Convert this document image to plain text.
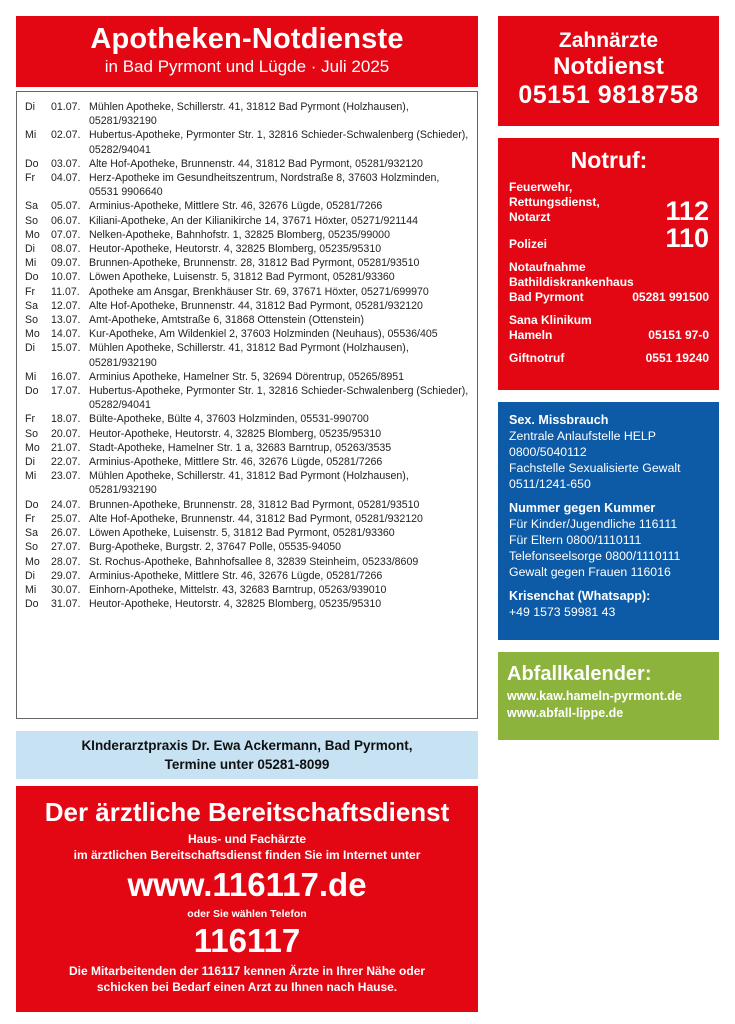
Apotheken-Notdienste
in Bad Pyrmont und Lügde · Juli 2025
Di	01.07. Mühlen Apotheke, Schillerstr. 41, 31812 Bad Pyrmont (Holzhausen), 05281/932190
Mi	02.07. Hubertus-Apotheke, Pyrmonter Str. 1, 32816 Schieder-Schwalenberg (Schieder), 05282/94041
Do	03.07. Alte Hof-Apotheke, Brunnenstr. 44, 31812 Bad Pyrmont, 05281/932120
Fr	04.07. Herz-Apotheke im Gesundheitszentrum, Nordstraße 8, 37603 Holzminden, 05531 9906640
Sa	05.07. Arminius-Apotheke, Mittlere Str. 46, 32676 Lügde, 05281/7266
So	06.07. Kiliani-Apotheke, An der Kilianikirche 14, 37671 Höxter, 05271/921144
Mo	07.07. Nelken-Apotheke, Bahnhofstr. 1, 32825 Blomberg, 05235/99000
Di	08.07. Heutor-Apotheke, Heutorstr. 4, 32825 Blomberg, 05235/95310
Mi	09.07. Brunnen-Apotheke, Brunnenstr. 28, 31812 Bad Pyrmont, 05281/93510
Do	10.07. Löwen Apotheke, Luisenstr. 5, 31812 Bad Pyrmont, 05281/93360
Fr	11.07. Apotheke am Ansgar, Brenkhäuser Str. 69, 37671 Höxter, 05271/699970
Sa	12.07. Alte Hof-Apotheke, Brunnenstr. 44, 31812 Bad Pyrmont, 05281/932120
So	13.07. Amt-Apotheke, Amtstraße 6, 31868 Ottenstein (Ottenstein)
Mo	14.07. Kur-Apotheke, Am Wildenkiel 2, 37603 Holzminden (Neuhaus), 05536/405
Di	15.07. Mühlen Apotheke, Schillerstr. 41, 31812 Bad Pyrmont (Holzhausen), 05281/932190
Mi	16.07. Arminius Apotheke, Hamelner Str. 5, 32694 Dörentrup, 05265/8951
Do	17.07. Hubertus-Apotheke, Pyrmonter Str. 1, 32816 Schieder-Schwalenberg (Schieder), 05282/94041
Fr	18.07. Bülte-Apotheke, Bülte 4, 37603 Holzminden, 05531-990700
So	20.07. Heutor-Apotheke, Heutorstr. 4, 32825 Blomberg, 05235/95310
Mo	21.07. Stadt-Apotheke, Hamelner Str. 1 a, 32683 Barntrup, 05263/3535
Di	22.07. Arminius-Apotheke, Mittlere Str. 46, 32676 Lügde, 05281/7266
Mi	23.07. Mühlen Apotheke, Schillerstr. 41, 31812 Bad Pyrmont (Holzhausen), 05281/932190
Do	24.07. Brunnen-Apotheke, Brunnenstr. 28, 31812 Bad Pyrmont, 05281/93510
Fr	25.07. Alte Hof-Apotheke, Brunnenstr. 44, 31812 Bad Pyrmont, 05281/932120
Sa	26.07. Löwen Apotheke, Luisenstr. 5, 31812 Bad Pyrmont, 05281/93360
So	27.07. Burg-Apotheke, Burgstr. 2, 37647 Polle, 05535-94050
Mo	28.07. St. Rochus-Apotheke, Bahnhofsallee 8, 32839 Steinheim, 05233/8609
Di	29.07. Arminius-Apotheke, Mittlere Str. 46, 32676 Lügde, 05281/7266
Mi	30.07. Einhorn-Apotheke, Mittelstr. 43, 32683 Barntrup, 05263/939010
Do	31.07. Heutor-Apotheke, Heutorstr. 4, 32825 Blomberg, 05235/95310
Zahnärzte
Notdienst
05151 9818758
Notruf:
Feuerwehr, Rettungsdienst, Notarzt	112
Polizei	110
Notaufnahme Bathildiskrankenhaus
Bad Pyrmont	05281 991500
Sana Klinikum
Hameln	05151 97-0
Giftnotruf	0551 19240
Sex. Missbrauch
Zentrale Anlaufstelle HELP
0800/5040112
Fachstelle Sexualisierte Gewalt
0511/1241-650
Nummer gegen Kummer
Für Kinder/Jugendliche 116111
Für Eltern 0800/1110111
Telefonseelsorge 0800/1110111
Gewalt gegen Frauen 116016
Krisenchat (Whatsapp):
+49 1573 59981 43
Abfallkalender:
www.kaw.hameln-pyrmont.de
www.abfall-lippe.de
KInderarztpraxis Dr. Ewa Ackermann, Bad Pyrmont,
Termine unter 05281-8099
Der ärztliche Bereitschaftsdienst
Haus- und Fachärzte
im ärztlichen Bereitschaftsdienst finden Sie im Internet unter
www.116117.de
oder Sie wählen Telefon
116117
Die Mitarbeitenden der 116117 kennen Ärzte in Ihrer Nähe oder
schicken bei Bedarf einen Arzt zu Ihnen nach Hause.
